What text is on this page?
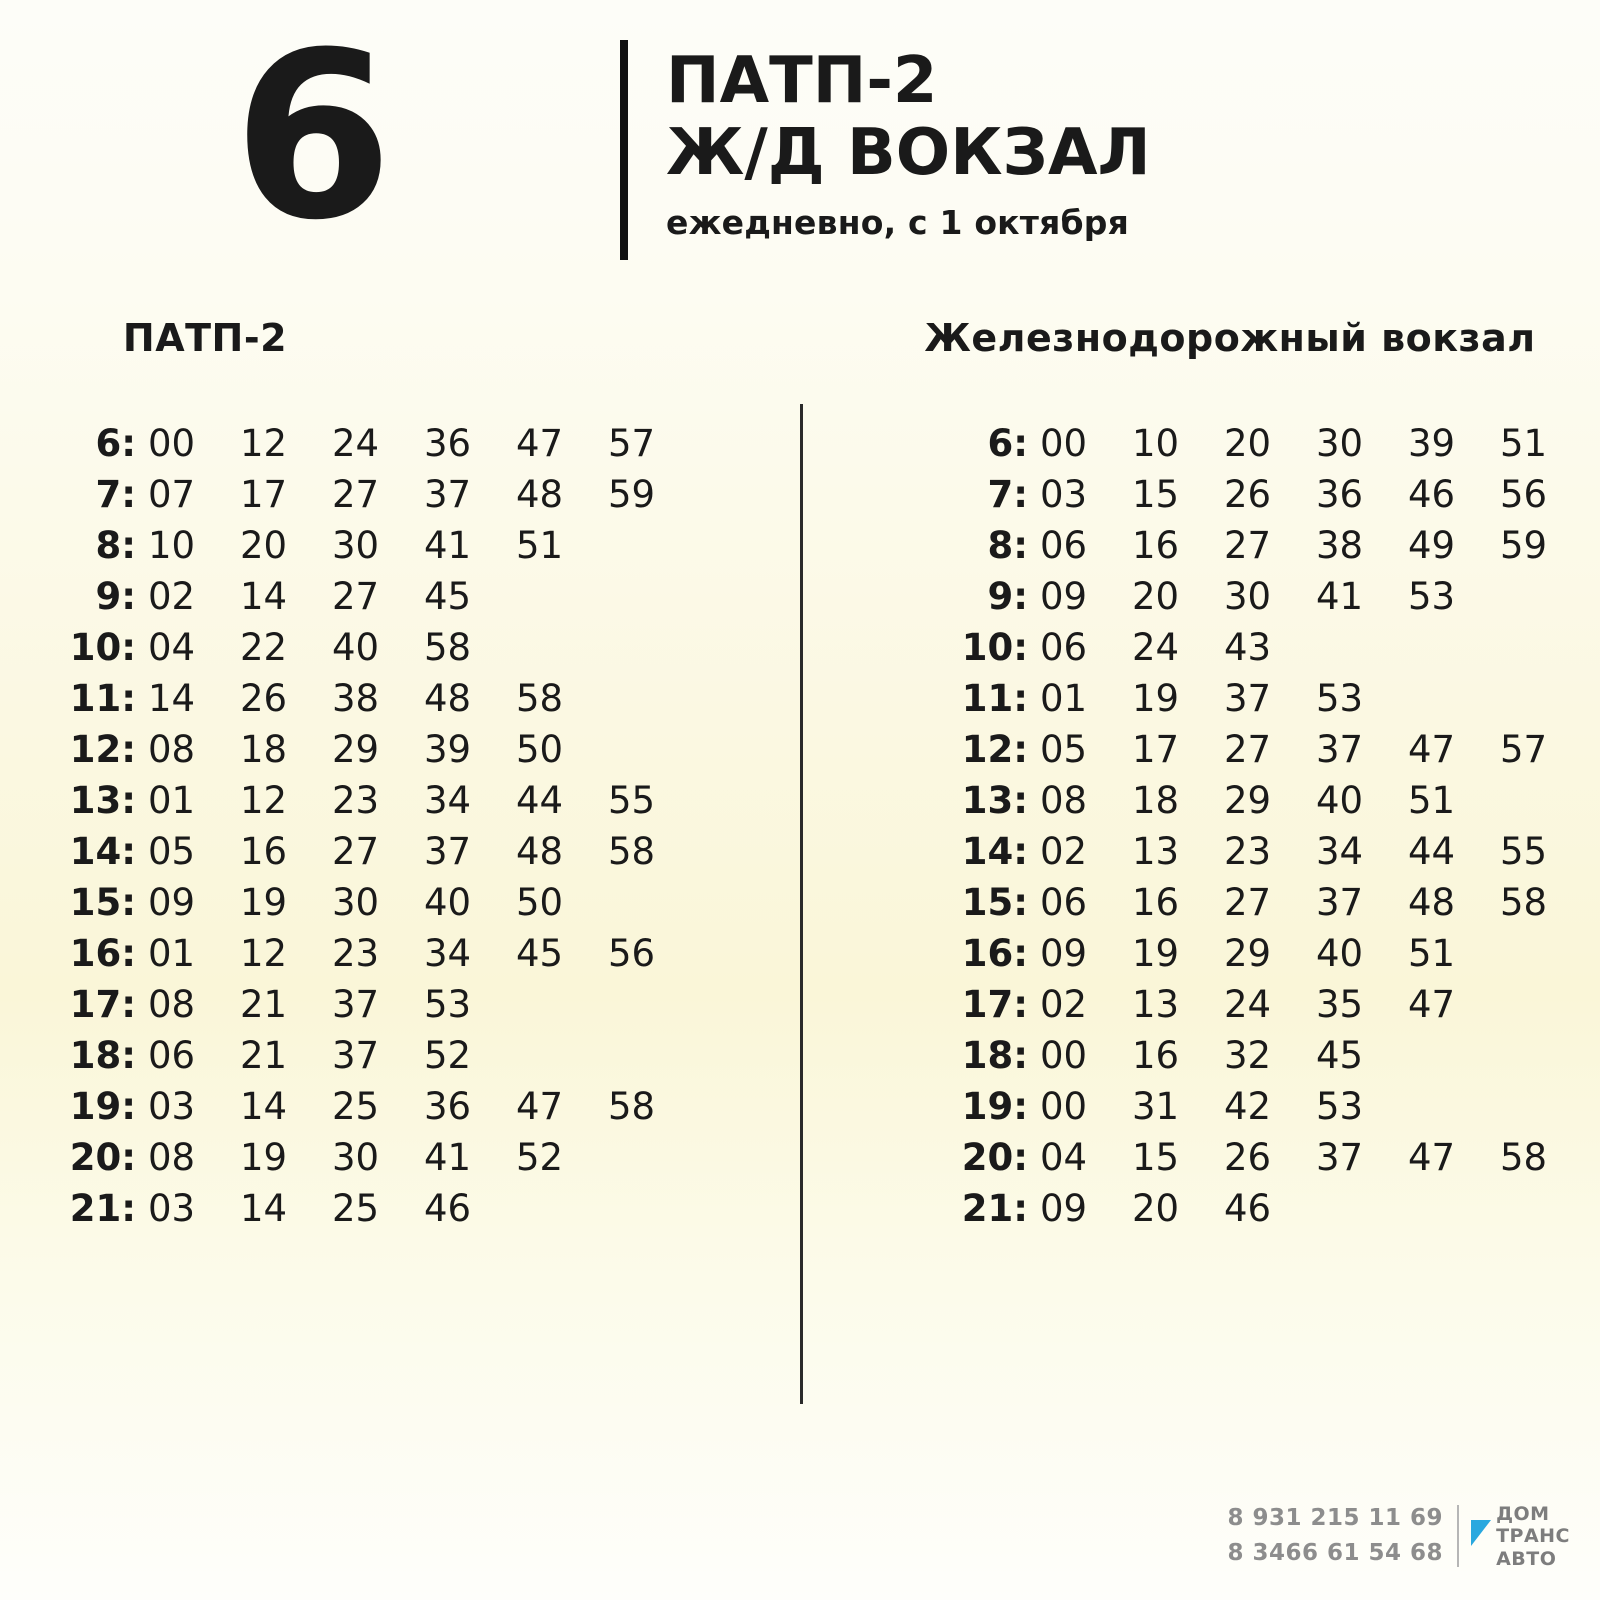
6	ПАТП-2
Ж/Д ВОКЗАЛ
ежедневно, с 1 октября
ПАТП-2
6: 00	12	24	36	47	57
7: 07	17	27	37	48	59
8: 10	20	30	41	51
9: 02	14	27	45
10: 04	22	40	58
11: 14	26	38	48	58
12: 08	18	29	39	50
13: 01	12	23	34	44	55
14: 05	16	27	37	48	58
15: 09	19	30	40	50
16: 01	12	23	34	45	56
17: 08	21	37	53
18: 06	21	37	52
19: 03	14	25	36	47	58
20: 08	19	30	41	52
21: 03	14	25	46
Железнодорожный вокзал
6: 00	10	20	30	39	51
7: 03	15	26	36	46	56
8: 06	16	27	38	49	59
9: 09	20	30	41	53
10: 06	24	43
11: 01	19	37	53
12: 05	17	27	37	47	57
13: 08	18	29	40	51
14: 02	13	23	34	44	55
15: 06	16	27	37	48	58
16: 09	19	29	40	51
17: 02	13	24	35	47
18: 00	16	32	45
19: 00	31	42	53
20: 04	15	26	37	47	58
21: 09	20	46
8 931 215 11 69
8 3466 61 54 68
ДОМ
ТРАНС
АВТО
